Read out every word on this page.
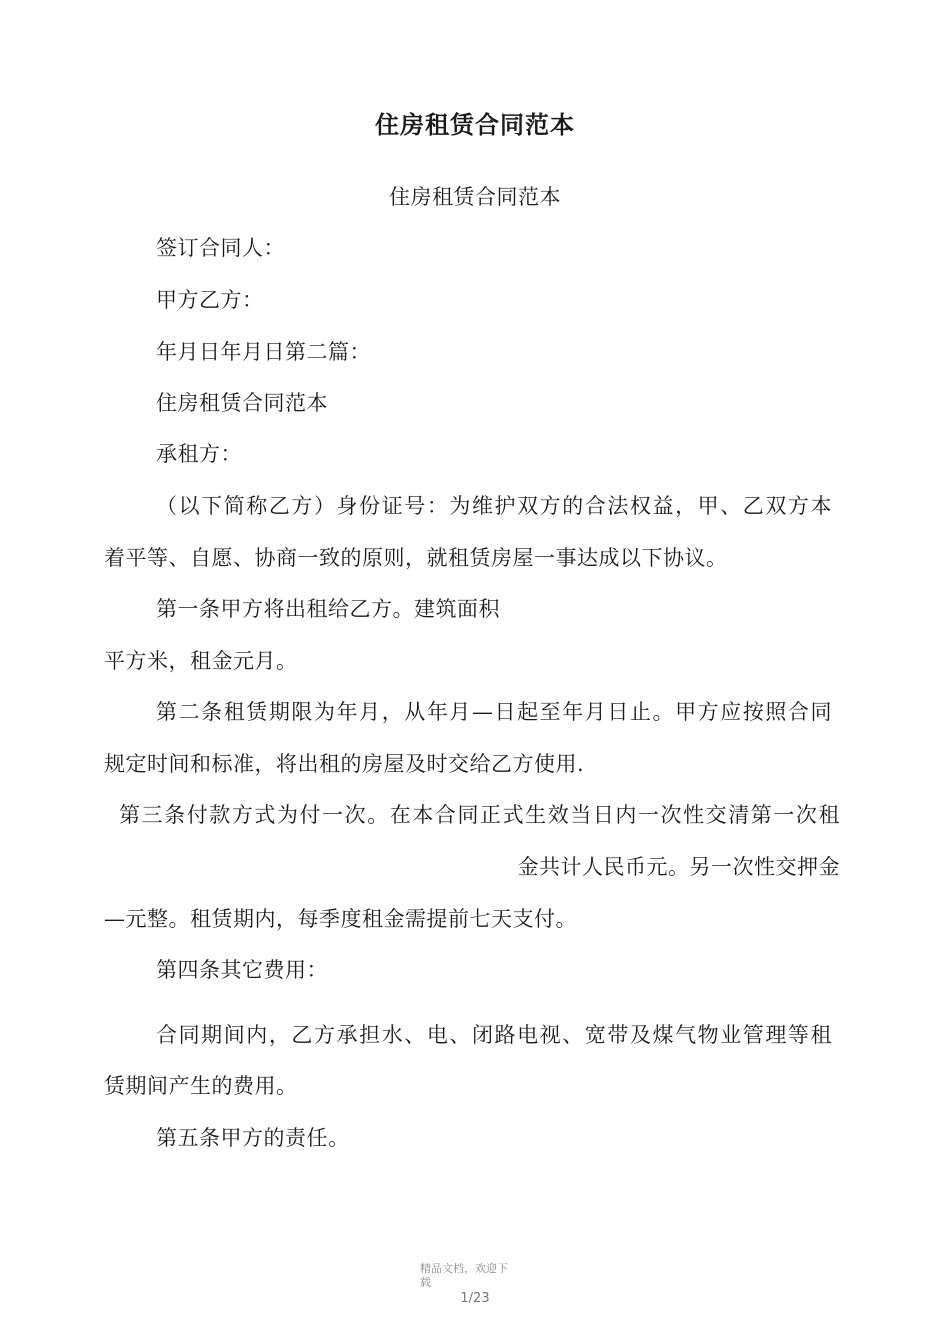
住房租赁合同范本
住房租赁合同范本
签订合同人：
甲方乙方：
年月日年月日第二篇：
住房租赁合同范本
承租方：
（以下简称乙方）身份证号：为维护双方的合法权益，甲、乙双方本
着平等、自愿、协商一致的原则，就租赁房屋一事达成以下协议。
第一条甲方将出租给乙方。建筑面积
平方米，租金元月。
第二条租赁期限为年月，从年月—日起至年月日止。甲方应按照合同
规定时间和标准，将出租的房屋及时交给乙方使用.
第三条付款方式为付一次。在本合同正式生效当日内一次性交清第一次租
金共计人民币元。另一次性交押金
—元整。租赁期内，每季度租金需提前七天支付。
第四条其它费用：
合同期间内，乙方承担水、电、闭路电视、宽带及煤气物业管理等租
赁期间产生的费用。
第五条甲方的责任。
精品文档，欢迎下
载
1/23
